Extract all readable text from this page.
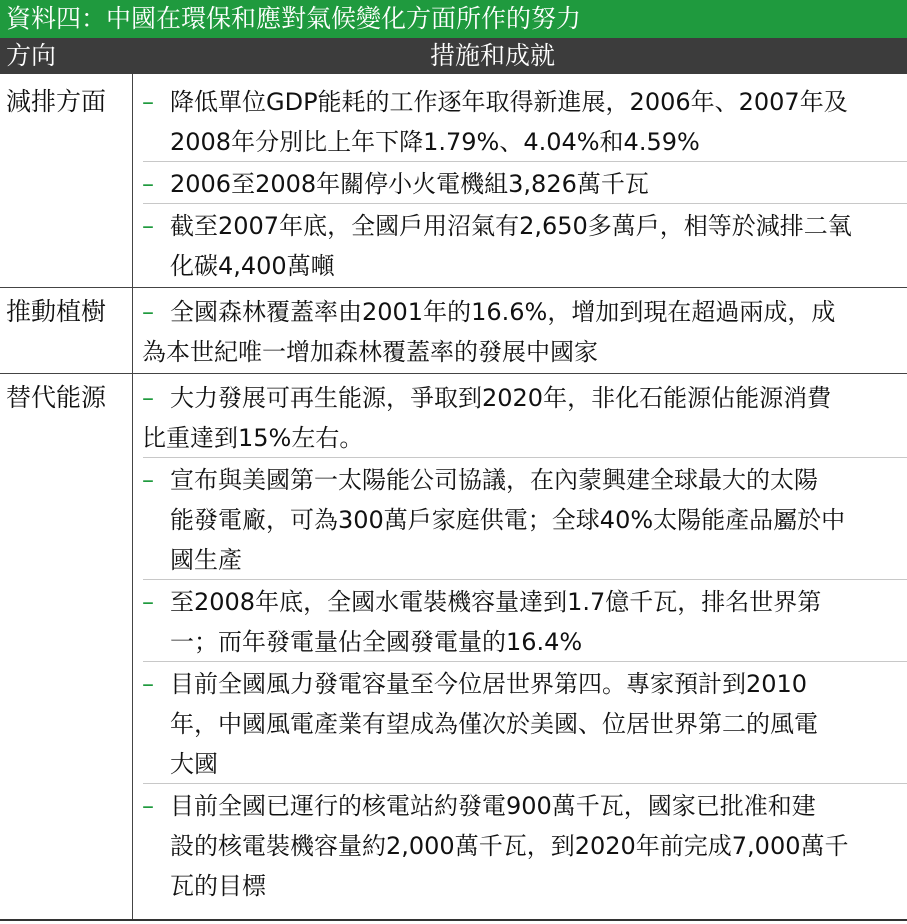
資料四：中國在環保和應對氣候變化方面所作的努力
方向	措施和成就
減排方面 – 降低單位GDP能耗的工作逐年取得新進展，2006年、2007年及
2008年分別比上年下降1.79%、4.04%和4.59%
– 2006至2008年關停小火電機組3,826萬千瓦
– 截至2007年底，全國戶用沼氣有2,650多萬戶，相等於減排二氧
化碳4,400萬噸
推動植樹 – 全國森林覆蓋率由2001年的16.6%，增加到現在超過兩成，成
為本世紀唯一增加森林覆蓋率的發展中國家
替代能源 – 大力發展可再生能源，爭取到2020年，非化石能源佔能源消費
比重達到15%左右。
– 宣布與美國第一太陽能公司協議，在內蒙興建全球最大的太陽
能發電廠，可為300萬戶家庭供電；全球40%太陽能產品屬於中
國生產
– 至2008年底，全國水電裝機容量達到1.7億千瓦，排名世界第
一；而年發電量佔全國發電量的16.4%
– 目前全國風力發電容量至今位居世界第四。專家預計到2010
年，中國風電產業有望成為僅次於美國、位居世界第二的風電
大國
– 目前全國已運行的核電站約發電900萬千瓦，國家已批准和建
設的核電裝機容量約2,000萬千瓦，到2020年前完成7,000萬千
瓦的目標
